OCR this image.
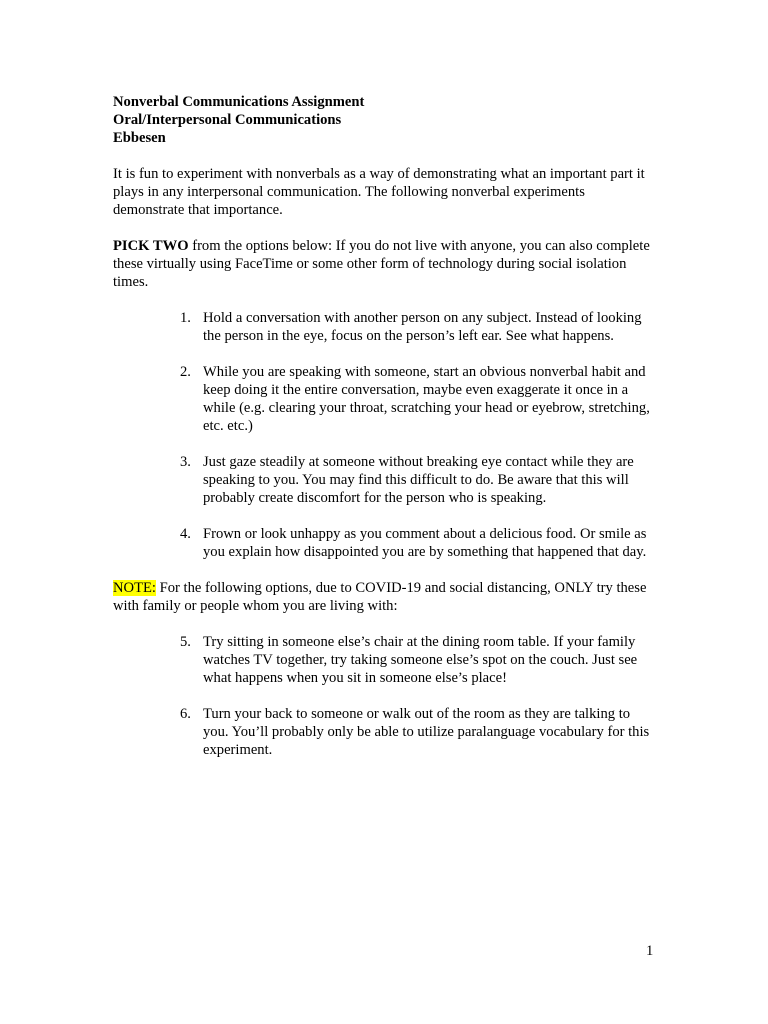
Nonverbal Communications Assignment
Oral/Interpersonal Communications
Ebbesen

It is fun to experiment with nonverbals as a way of demonstrating what an important part it plays in any interpersonal communication. The following nonverbal experiments demonstrate that importance.

PICK TWO from the options below: If you do not live with anyone, you can also complete these virtually using FaceTime or some other form of technology during social isolation times.

1. Hold a conversation with another person on any subject. Instead of looking the person in the eye, focus on the person’s left ear. See what happens.
2. While you are speaking with someone, start an obvious nonverbal habit and keep doing it the entire conversation, maybe even exaggerate it once in a while (e.g. clearing your throat, scratching your head or eyebrow, stretching, etc. etc.)
3. Just gaze steadily at someone without breaking eye contact while they are speaking to you. You may find this difficult to do. Be aware that this will probably create discomfort for the person who is speaking.
4. Frown or look unhappy as you comment about a delicious food. Or smile as you explain how disappointed you are by something that happened that day.

NOTE: For the following options, due to COVID-19 and social distancing, ONLY try these with family or people whom you are living with:

5. Try sitting in someone else’s chair at the dining room table. If your family watches TV together, try taking someone else’s spot on the couch. Just see what happens when you sit in someone else’s place!
6. Turn your back to someone or walk out of the room as they are talking to you. You’ll probably only be able to utilize paralanguage vocabulary for this experiment.
1
